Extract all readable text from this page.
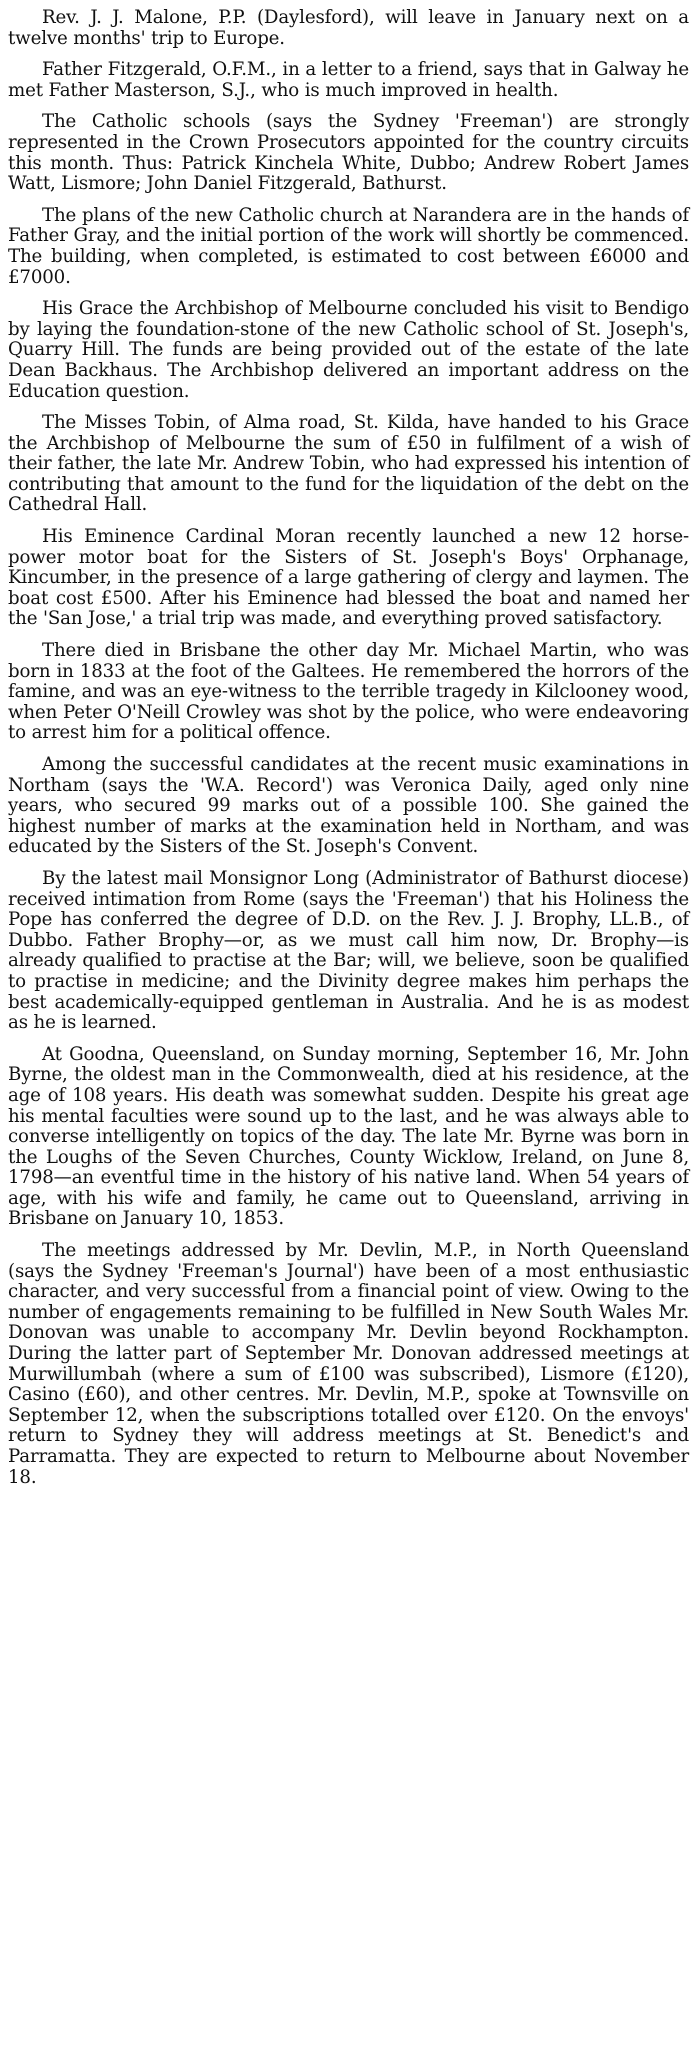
Rev. J. J. Malone, P.P. (Daylesford), will leave in January next on a twelve months' trip to Europe.

Father Fitzgerald, O.F.M., in a letter to a friend, says that in Galway he met Father Masterson, S.J., who is much improved in health.

The Catholic schools (says the Sydney 'Freeman') are strongly represented in the Crown Prosecutors appointed for the country circuits this month. Thus: Patrick Kinchela White, Dubbo; Andrew Robert James Watt, Lismore; John Daniel Fitzgerald, Bathurst.

The plans of the new Catholic church at Narandera are in the hands of Father Gray, and the initial portion of the work will shortly be commenced. The building, when completed, is estimated to cost between £6000 and £7000.

His Grace the Archbishop of Melbourne concluded his visit to Bendigo by laying the foundation-stone of the new Catholic school of St. Joseph's, Quarry Hill. The funds are being provided out of the estate of the late Dean Backhaus. The Archbishop delivered an important address on the Education question.

The Misses Tobin, of Alma road, St. Kilda, have handed to his Grace the Archbishop of Melbourne the sum of £50 in fulfilment of a wish of their father, the late Mr. Andrew Tobin, who had expressed his intention of contributing that amount to the fund for the liquidation of the debt on the Cathedral Hall.

His Eminence Cardinal Moran recently launched a new 12 horse-power motor boat for the Sisters of St. Joseph's Boys' Orphanage, Kincumber, in the presence of a large gathering of clergy and laymen. The boat cost £500. After his Eminence had blessed the boat and named her the 'San Jose,' a trial trip was made, and everything proved satisfactory.

There died in Brisbane the other day Mr. Michael Martin, who was born in 1833 at the foot of the Galtees. He remembered the horrors of the famine, and was an eye-witness to the terrible tragedy in Kilclooney wood, when Peter O'Neill Crowley was shot by the police, who were endeavoring to arrest him for a political offence.

Among the successful candidates at the recent music examinations in Northam (says the 'W.A. Record') was Veronica Daily, aged only nine years, who secured 99 marks out of a possible 100. She gained the highest number of marks at the examination held in Northam, and was educated by the Sisters of the St. Joseph's Convent.

By the latest mail Monsignor Long (Administrator of Bathurst diocese) received intimation from Rome (says the 'Freeman') that his Holiness the Pope has conferred the degree of D.D. on the Rev. J. J. Brophy, LL.B., of Dubbo. Father Brophy—or, as we must call him now, Dr. Brophy—is already qualified to practise at the Bar; will, we believe, soon be qualified to practise in medicine; and the Divinity degree makes him perhaps the best academically-equipped gentleman in Australia. And he is as modest as he is learned.

At Goodna, Queensland, on Sunday morning, September 16, Mr. John Byrne, the oldest man in the Commonwealth, died at his residence, at the age of 108 years. His death was somewhat sudden. Despite his great age his mental faculties were sound up to the last, and he was always able to converse intelligently on topics of the day. The late Mr. Byrne was born in the Loughs of the Seven Churches, County Wicklow, Ireland, on June 8, 1798—an eventful time in the history of his native land. When 54 years of age, with his wife and family, he came out to Queensland, arriving in Brisbane on January 10, 1853.

The meetings addressed by Mr. Devlin, M.P., in North Queensland (says the Sydney 'Freeman's Journal') have been of a most enthusiastic character, and very successful from a financial point of view. Owing to the number of engagements remaining to be fulfilled in New South Wales Mr. Donovan was unable to accompany Mr. Devlin beyond Rockhampton. During the latter part of September Mr. Donovan addressed meetings at Murwillumbah (where a sum of £100 was subscribed), Lismore (£120), Casino (£60), and other centres. Mr. Devlin, M.P., spoke at Townsville on September 12, when the subscriptions totalled over £120. On the envoys' return to Sydney they will address meetings at St. Benedict's and Parramatta. They are expected to return to Melbourne about November 18.
